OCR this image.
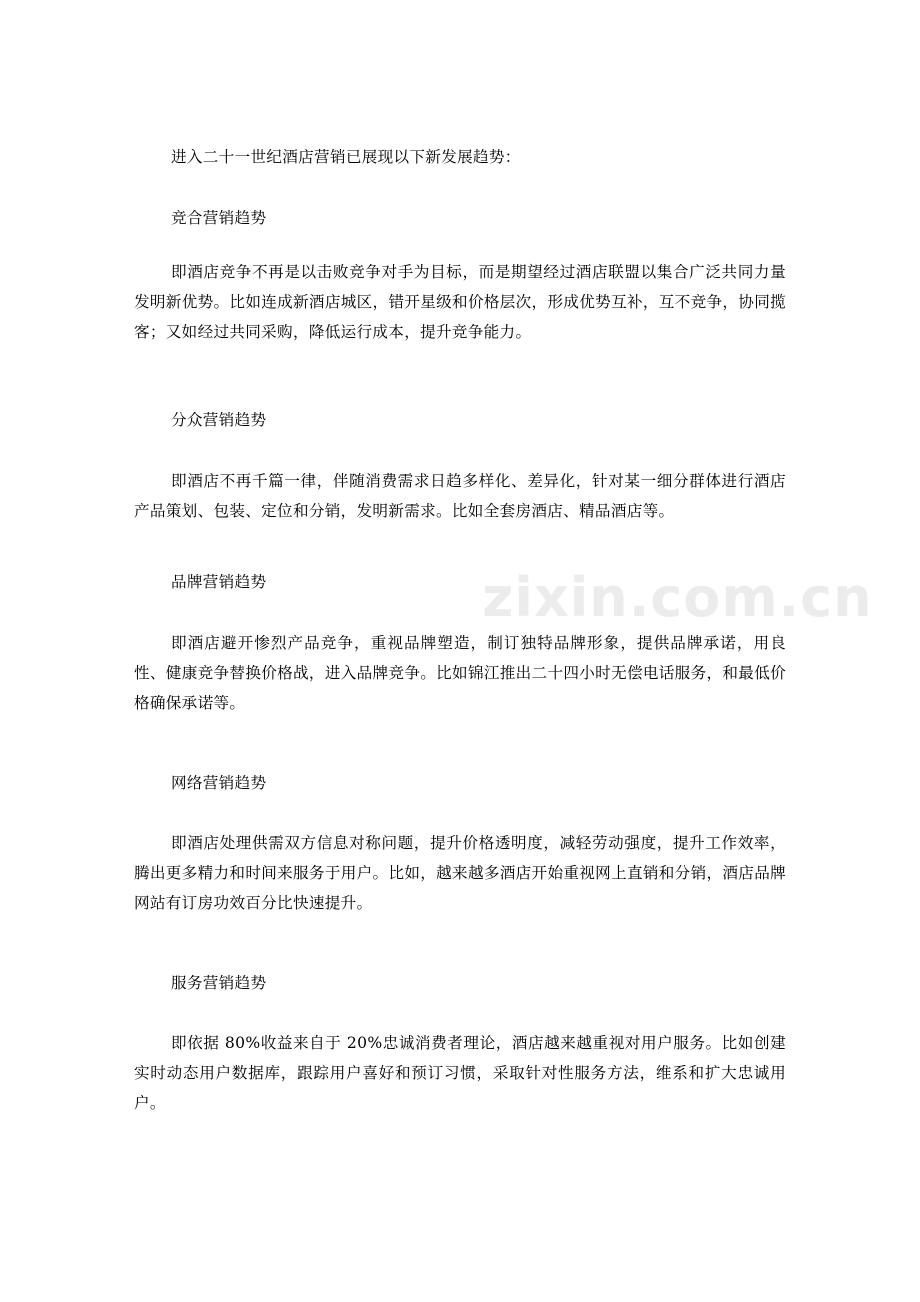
zixin.com.cn

进入二十一世纪酒店营销已展现以下新发展趋势：

竞合营销趋势

即酒店竞争不再是以击败竞争对手为目标，而是期望经过酒店联盟以集合广泛共同力量发明新优势。比如连成新酒店城区，错开星级和价格层次，形成优势互补，互不竞争，协同揽客；又如经过共同采购，降低运行成本，提升竞争能力。

分众营销趋势

即酒店不再千篇一律，伴随消费需求日趋多样化、差异化，针对某一细分群体进行酒店产品策划、包装、定位和分销，发明新需求。比如全套房酒店、精品酒店等。

品牌营销趋势

即酒店避开惨烈产品竞争，重视品牌塑造，制订独特品牌形象，提供品牌承诺，用良性、健康竞争替换价格战，进入品牌竞争。比如锦江推出二十四小时无偿电话服务，和最低价格确保承诺等。

网络营销趋势

即酒店处理供需双方信息对称问题，提升价格透明度，减轻劳动强度，提升工作效率，腾出更多精力和时间来服务于用户。比如，越来越多酒店开始重视网上直销和分销，酒店品牌网站有订房功效百分比快速提升。

服务营销趋势

即依据 80%收益来自于 20%忠诚消费者理论，酒店越来越重视对用户服务。比如创建实时动态用户数据库，跟踪用户喜好和预订习惯，采取针对性服务方法，维系和扩大忠诚用户。
